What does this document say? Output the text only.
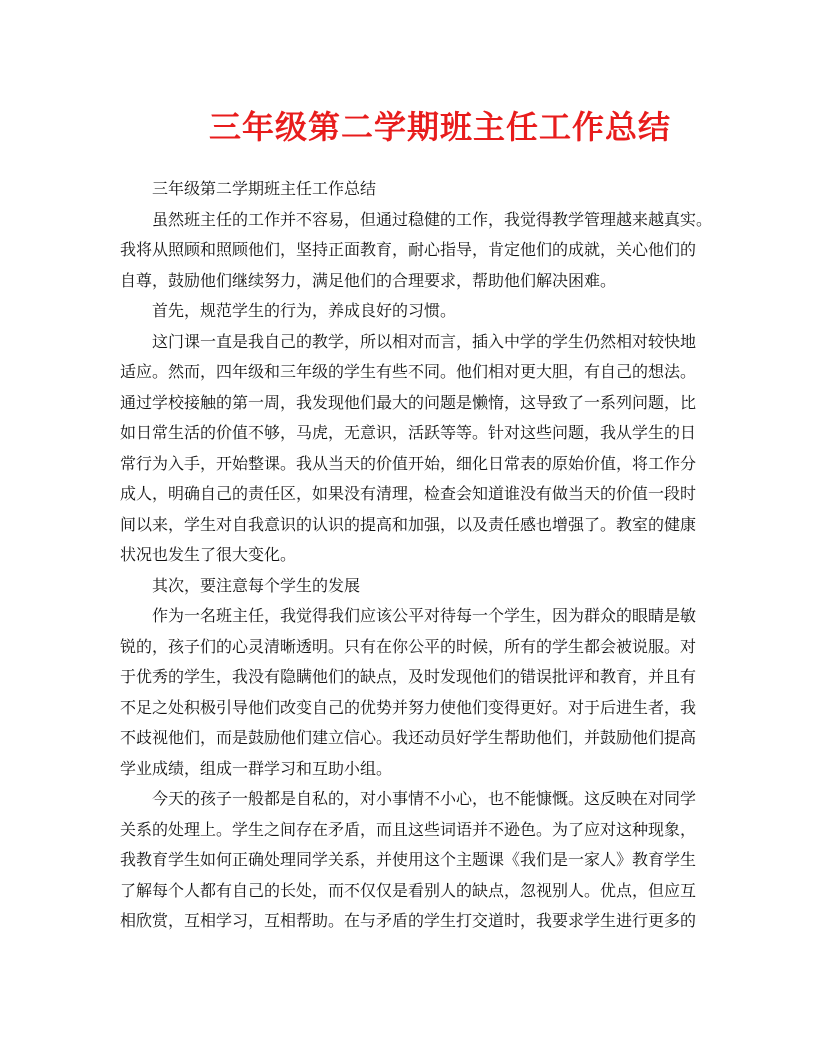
三年级第二学期班主任工作总结

三年级第二学期班主任工作总结

虽然班主任的工作并不容易，但通过稳健的工作，我觉得教学管理越来越真实。

我将从照顾和照顾他们，坚持正面教育，耐心指导，肯定他们的成就，关心他们的

自尊，鼓励他们继续努力，满足他们的合理要求，帮助他们解决困难。

首先，规范学生的行为，养成良好的习惯。

这门课一直是我自己的教学，所以相对而言，插入中学的学生仍然相对较快地

适应。然而，四年级和三年级的学生有些不同。他们相对更大胆，有自己的想法。

通过学校接触的第一周，我发现他们最大的问题是懒惰，这导致了一系列问题，比

如日常生活的价值不够，马虎，无意识，活跃等等。针对这些问题，我从学生的日

常行为入手，开始整课。我从当天的价值开始，细化日常表的原始价值，将工作分

成人，明确自己的责任区，如果没有清理，检查会知道谁没有做当天的价值一段时

间以来，学生对自我意识的认识的提高和加强，以及责任感也增强了。教室的健康

状况也发生了很大变化。

其次，要注意每个学生的发展

作为一名班主任，我觉得我们应该公平对待每一个学生，因为群众的眼睛是敏

锐的，孩子们的心灵清晰透明。只有在你公平的时候，所有的学生都会被说服。对

于优秀的学生，我没有隐瞒他们的缺点，及时发现他们的错误批评和教育，并且有

不足之处积极引导他们改变自己的优势并努力使他们变得更好。对于后进生者，我

不歧视他们，而是鼓励他们建立信心。我还动员好学生帮助他们，并鼓励他们提高

学业成绩，组成一群学习和互助小组。

今天的孩子一般都是自私的，对小事情不小心，也不能慷慨。这反映在对同学

关系的处理上。学生之间存在矛盾，而且这些词语并不逊色。为了应对这种现象，

我教育学生如何正确处理同学关系，并使用这个主题课《我们是一家人》教育学生

了解每个人都有自己的长处，而不仅仅是看别人的缺点，忽视别人。优点，但应互

相欣赏，互相学习，互相帮助。在与矛盾的学生打交道时，我要求学生进行更多的
